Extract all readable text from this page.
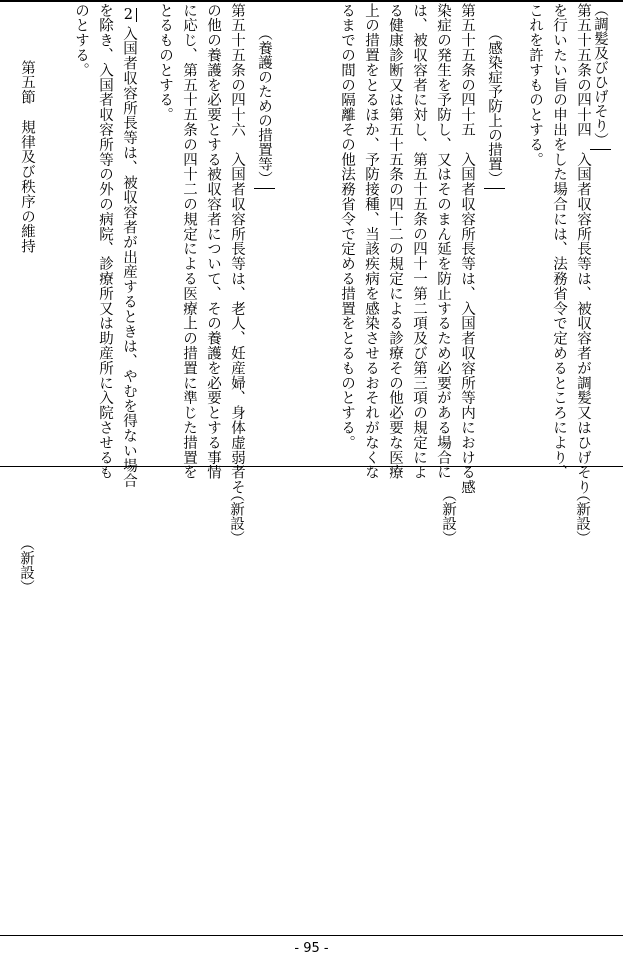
（調髪及びひげそり）
第五十五条の四十四　入国者収容所長等は、被収容者が調髪又はひげそり
を行いたい旨の申出をした場合には、法務省令で定めるところにより、
これを許すものとする。
（新設）
（感染症予防上の措置）
第五十五条の四十五　入国者収容所長等は、入国者収容所等内における感
染症の発生を予防し、又はそのまん延を防止するため必要がある場合に
は、被収容者に対し、第五十五条の四十一第二項及び第三項の規定によ
る健康診断又は第五十五条の四十二の規定による診療その他必要な医療
上の措置をとるほか、予防接種、当該疾病を感染させるおそれがなくな
るまでの間の隔離その他法務省令で定める措置をとるものとする。
（新設）
（養護のための措置等）
第五十五条の四十六　入国者収容所長等は、老人、妊産婦、身体虚弱者そ
の他の養護を必要とする被収容者について、その養護を必要とする事情
に応じ、第五十五条の四十二の規定による医療上の措置に準じた措置を
とるものとする。
（新設）
2
入国者収容所長等は、被収容者が出産するときは、やむを得ない場合
を除き、入国者収容所等の外の病院、診療所又は助産所に入院させるも
のとする。
第五節　規律及び秩序の維持
（新設）
- 95 -
